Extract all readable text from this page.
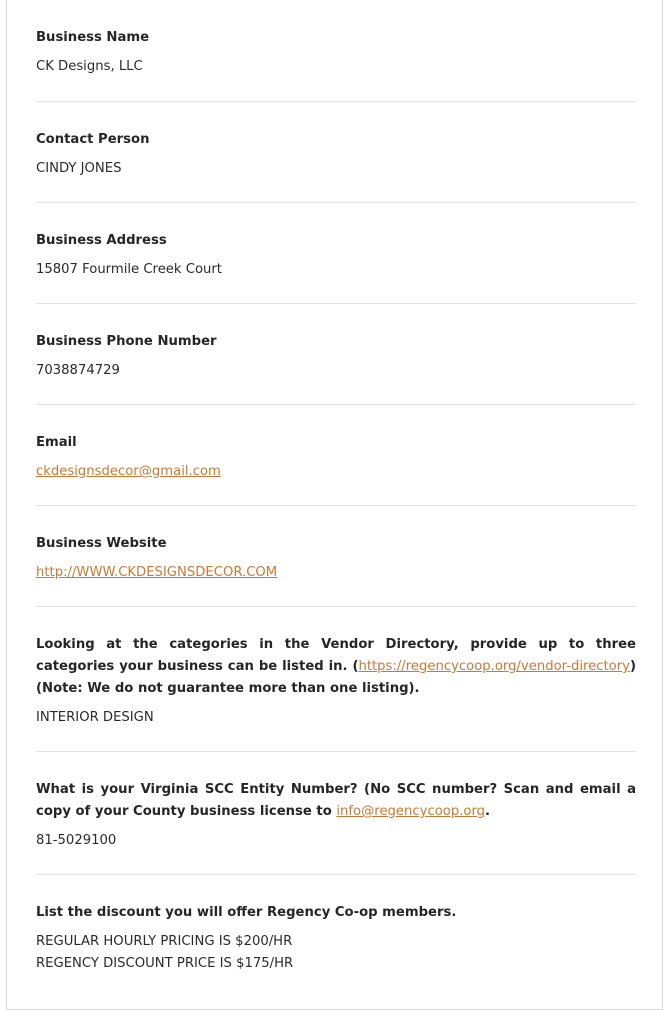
Business Name
CK Designs, LLC
Contact Person
CINDY JONES
Business Address
15807 Fourmile Creek Court
Business Phone Number
7038874729
Email
ckdesignsdecor@gmail.com
Business Website
http://WWW.CKDESIGNSDECOR.COM
Looking at the categories in the Vendor Directory, provide up to three categories your business can be listed in. (https://regencycoop.org/vendor-directory) (Note: We do not guarantee more than one listing).
INTERIOR DESIGN
What is your Virginia SCC Entity Number? (No SCC number? Scan and email a copy of your County business license to info@regencycoop.org.
81-5029100
List the discount you will offer Regency Co-op members.
REGULAR HOURLY PRICING IS $200/HR
REGENCY DISCOUNT PRICE IS $175/HR
